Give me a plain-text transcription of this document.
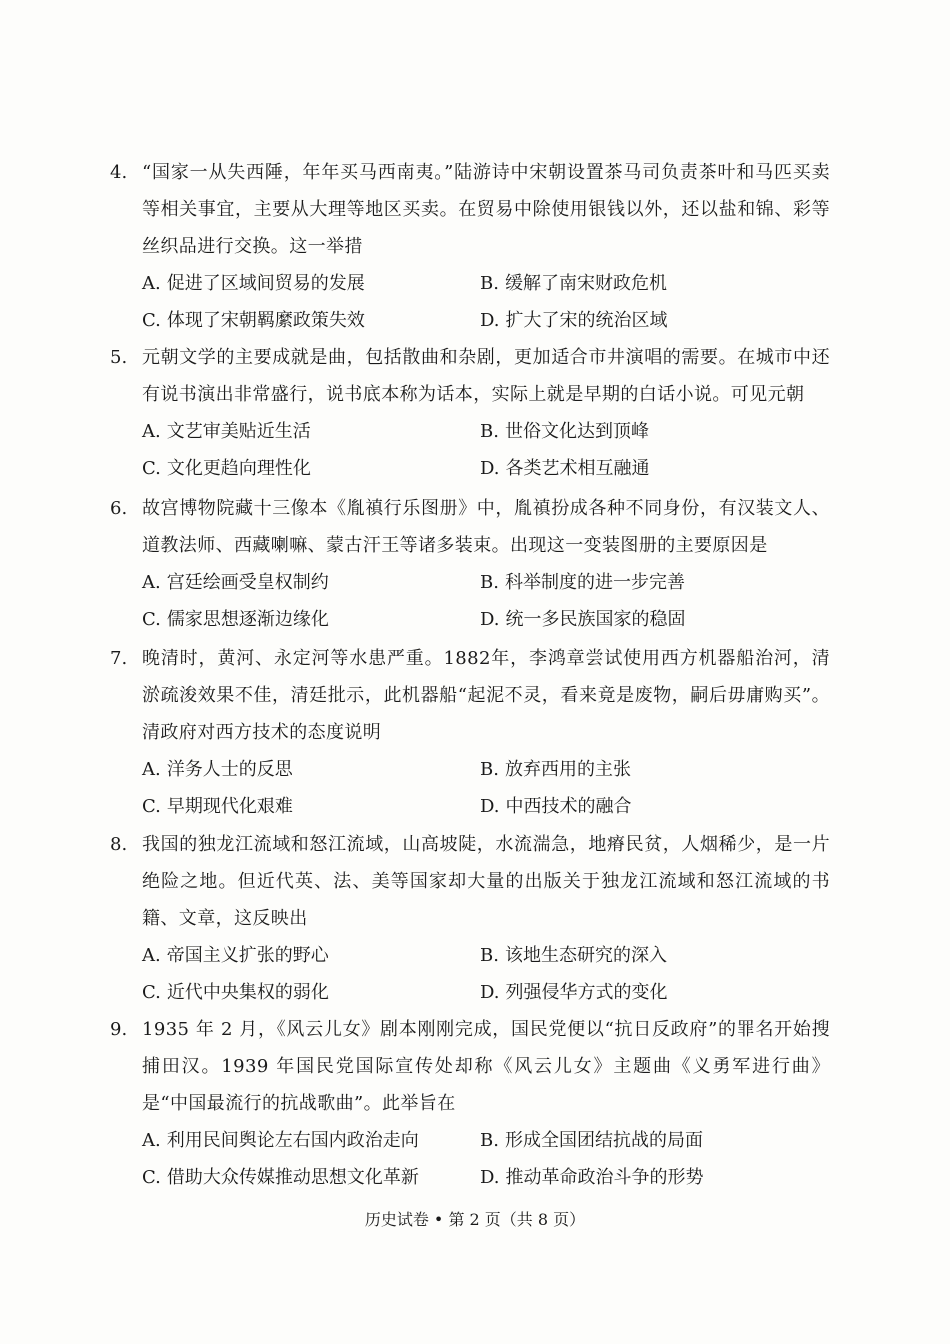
4. “国家一从失西陲，年年买马西南夷。”陆游诗中宋朝设置茶马司负责茶叶和马匹买卖等相关事宜，主要从大理等地区买卖。在贸易中除使用银钱以外，还以盐和锦、彩等丝织品进行交换。这一举措
A. 促进了区域间贸易的发展	B. 缓解了南宋财政危机
C. 体现了宋朝羁縻政策失效	D. 扩大了宋的统治区域
5. 元朝文学的主要成就是曲，包括散曲和杂剧，更加适合市井演唱的需要。在城市中还有说书演出非常盛行，说书底本称为话本，实际上就是早期的白话小说。可见元朝
A. 文艺审美贴近生活	B. 世俗文化达到顶峰
C. 文化更趋向理性化	D. 各类艺术相互融通
6. 故宫博物院藏十三像本《胤禛行乐图册》中，胤禛扮成各种不同身份，有汉装文人、道教法师、西藏喇嘛、蒙古汗王等诸多装束。出现这一变装图册的主要原因是
A. 宫廷绘画受皇权制约	B. 科举制度的进一步完善
C. 儒家思想逐渐边缘化	D. 统一多民族国家的稳固
7. 晚清时，黄河、永定河等水患严重。1882年，李鸿章尝试使用西方机器船治河，清淤疏浚效果不佳，清廷批示，此机器船“起泥不灵，看来竟是废物，嗣后毋庸购买”。清政府对西方技术的态度说明
A. 洋务人士的反思	B. 放弃西用的主张
C. 早期现代化艰难	D. 中西技术的融合
8. 我国的独龙江流域和怒江流域，山高坡陡，水流湍急，地瘠民贫，人烟稀少，是一片绝险之地。但近代英、法、美等国家却大量的出版关于独龙江流域和怒江流域的书籍、文章，这反映出
A. 帝国主义扩张的野心	B. 该地生态研究的深入
C. 近代中央集权的弱化	D. 列强侵华方式的变化
9. 1935 年 2 月，《风云儿女》剧本刚刚完成，国民党便以“抗日反政府”的罪名开始搜捕田汉。1939 年国民党国际宣传处却称《风云儿女》主题曲《义勇军进行曲》是“中国最流行的抗战歌曲”。此举旨在
A. 利用民间舆论左右国内政治走向	B. 形成全国团结抗战的局面
C. 借助大众传媒推动思想文化革新	D. 推动革命政治斗争的形势
历史试卷 • 第 2 页（共 8 页）
